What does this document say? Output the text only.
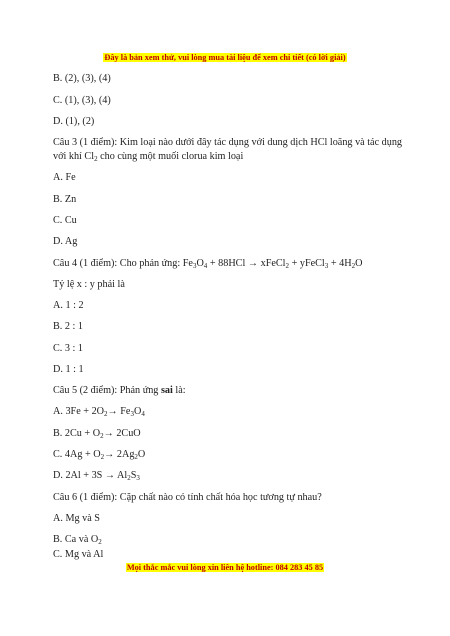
Đây là bản xem thử, vui lòng mua tài liệu để xem chi tiết (có lời giải)
B. (2), (3), (4)
C. (1), (3), (4)
D. (1), (2)
Câu 3 (1 điểm): Kim loại nào dưới đây tác dụng với dung dịch HCl loãng và tác dụng
với khí $Cl_2$ cho cùng một muối clorua kim loại
A. Fe
B. Zn
C. Cu
D. Ag
Câu 4 (1 điểm): Cho phản ứng: $Fe_3O_4 + 88HCl$ → xFeCl$_2$ + yFeCl$_3$ + $4H_2O$
Tỷ lệ x : y phải là
A. 1 : 2
B. 2 : 1
C. 3 : 1
D. 1 : 1
Câu 5 (2 điểm): Phản ứng sai là:
A. $3Fe + 2O_2\to Fe_3O_4$
B. $2Cu + O_2\to 2CuO$
C. $4Ag + O_2\to 2Ag_2O$
D. $2Al + 3S \to Al_2S_3$
Câu 6 (1 điểm): Cặp chất nào có tính chất hóa học tương tự nhau?
A. Mg và S
B. Ca và $O_2$
C. Mg và Al
Mọi thắc mắc vui lòng xin liên hệ hotline: 084 283 45 85
